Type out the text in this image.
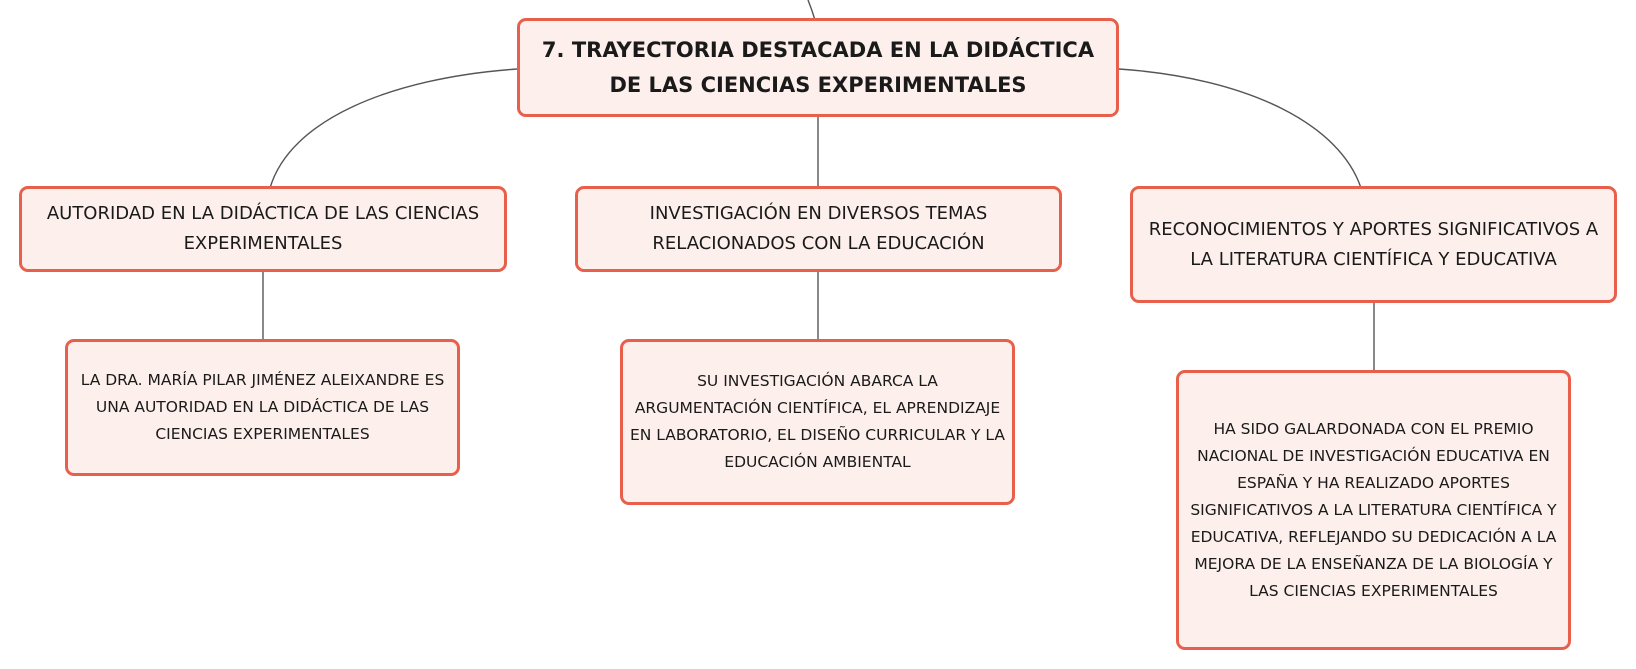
7. TRAYECTORIA DESTACADA EN LA DIDÁCTICA DE LAS CIENCIAS EXPERIMENTALES
AUTORIDAD EN LA DIDÁCTICA DE LAS CIENCIAS EXPERIMENTALES
INVESTIGACIÓN EN DIVERSOS TEMAS RELACIONADOS CON LA EDUCACIÓN
RECONOCIMIENTOS Y APORTES SIGNIFICATIVOS A LA LITERATURA CIENTÍFICA Y EDUCATIVA
LA DRA. MARÍA PILAR JIMÉNEZ ALEIXANDRE ES UNA AUTORIDAD EN LA DIDÁCTICA DE LAS CIENCIAS EXPERIMENTALES
SU INVESTIGACIÓN ABARCA LA ARGUMENTACIÓN CIENTÍFICA, EL APRENDIZAJE EN LABORATORIO, EL DISEÑO CURRICULAR Y LA EDUCACIÓN AMBIENTAL
HA SIDO GALARDONADA CON EL PREMIO NACIONAL DE INVESTIGACIÓN EDUCATIVA EN ESPAÑA Y HA REALIZADO APORTES SIGNIFICATIVOS A LA LITERATURA CIENTÍFICA Y EDUCATIVA, REFLEJANDO SU DEDICACIÓN A LA MEJORA DE LA ENSEÑANZA DE LA BIOLOGÍA Y LAS CIENCIAS EXPERIMENTALES
